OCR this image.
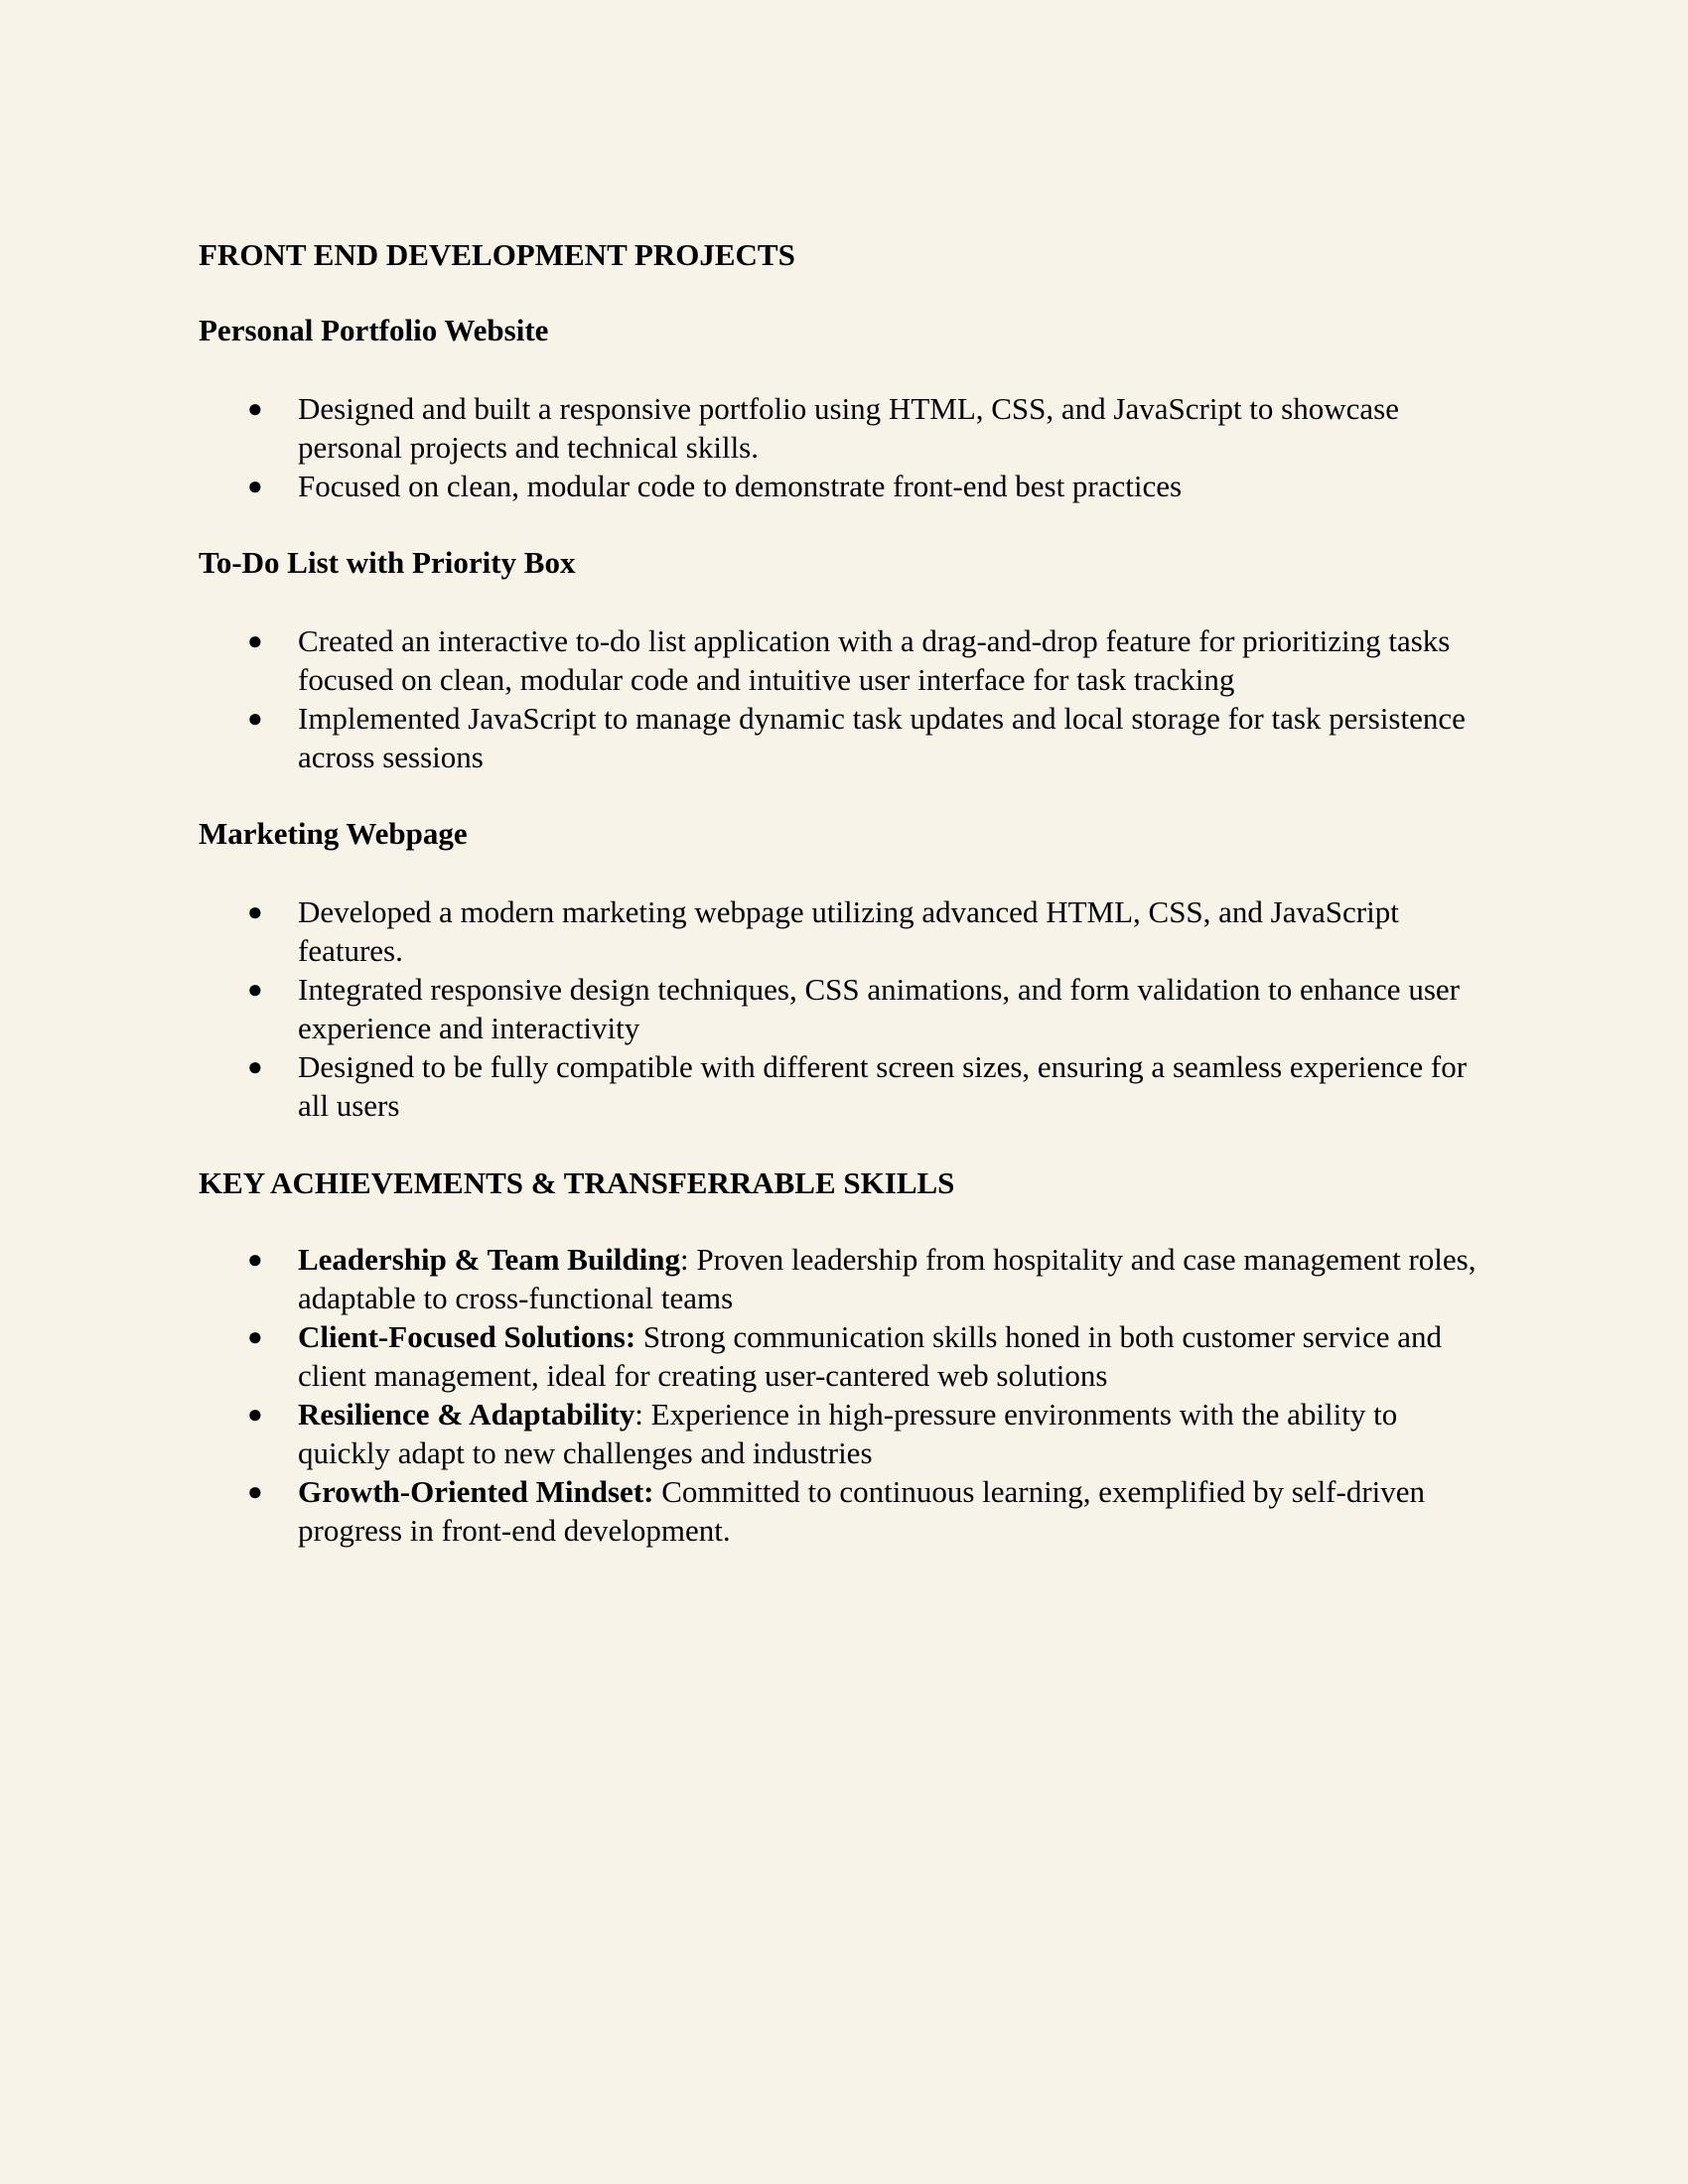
FRONT END DEVELOPMENT PROJECTS
Personal Portfolio Website
● Designed and built a responsive portfolio using HTML, CSS, and JavaScript to showcase personal projects and technical skills.
● Focused on clean, modular code to demonstrate front-end best practices
To-Do List with Priority Box
● Created an interactive to-do list application with a drag-and-drop feature for prioritizing tasks focused on clean, modular code and intuitive user interface for task tracking
● Implemented JavaScript to manage dynamic task updates and local storage for task persistence across sessions
Marketing Webpage
● Developed a modern marketing webpage utilizing advanced HTML, CSS, and JavaScript features.
● Integrated responsive design techniques, CSS animations, and form validation to enhance user experience and interactivity
● Designed to be fully compatible with different screen sizes, ensuring a seamless experience for all users
KEY ACHIEVEMENTS & TRANSFERRABLE SKILLS
● Leadership & Team Building: Proven leadership from hospitality and case management roles, adaptable to cross-functional teams
● Client-Focused Solutions: Strong communication skills honed in both customer service and client management, ideal for creating user-cantered web solutions
● Resilience & Adaptability: Experience in high-pressure environments with the ability to quickly adapt to new challenges and industries
● Growth-Oriented Mindset: Committed to continuous learning, exemplified by self-driven progress in front-end development.
